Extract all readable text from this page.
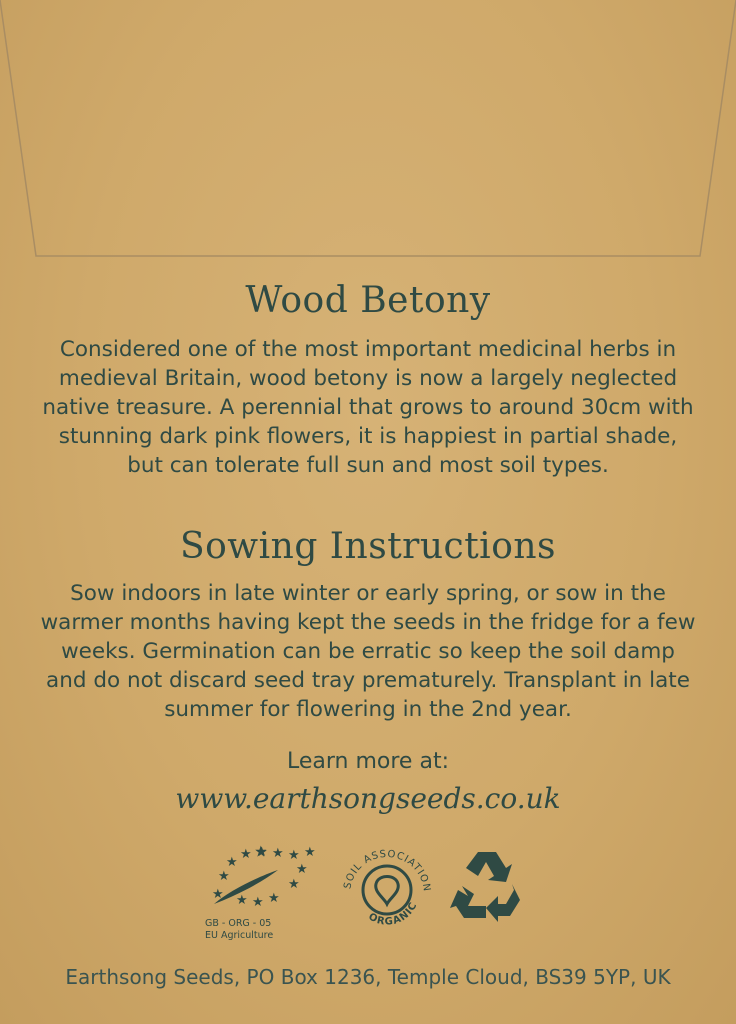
Wood Betony
Considered one of the most important medicinal herbs in medieval Britain, wood betony is now a largely neglected native treasure. A perennial that grows to around 30cm with stunning dark pink flowers, it is happiest in partial shade, but can tolerate full sun and most soil types.
Sowing Instructions
Sow indoors in late winter or early spring, or sow in the warmer months having kept the seeds in the fridge for a few weeks. Germination can be erratic so keep the soil damp and do not discard seed tray prematurely. Transplant in late summer for flowering in the 2nd year.
Learn more at:
www.earthsongseeds.co.uk
★ ★ ★ ★ ★
★
★	★
★
★ ★ ★ ★
GB - ORG - 05
EU Agriculture
SOIL ASSOCIATION
ORGANIC
Earthsong Seeds, PO Box 1236, Temple Cloud, BS39 5YP, UK
